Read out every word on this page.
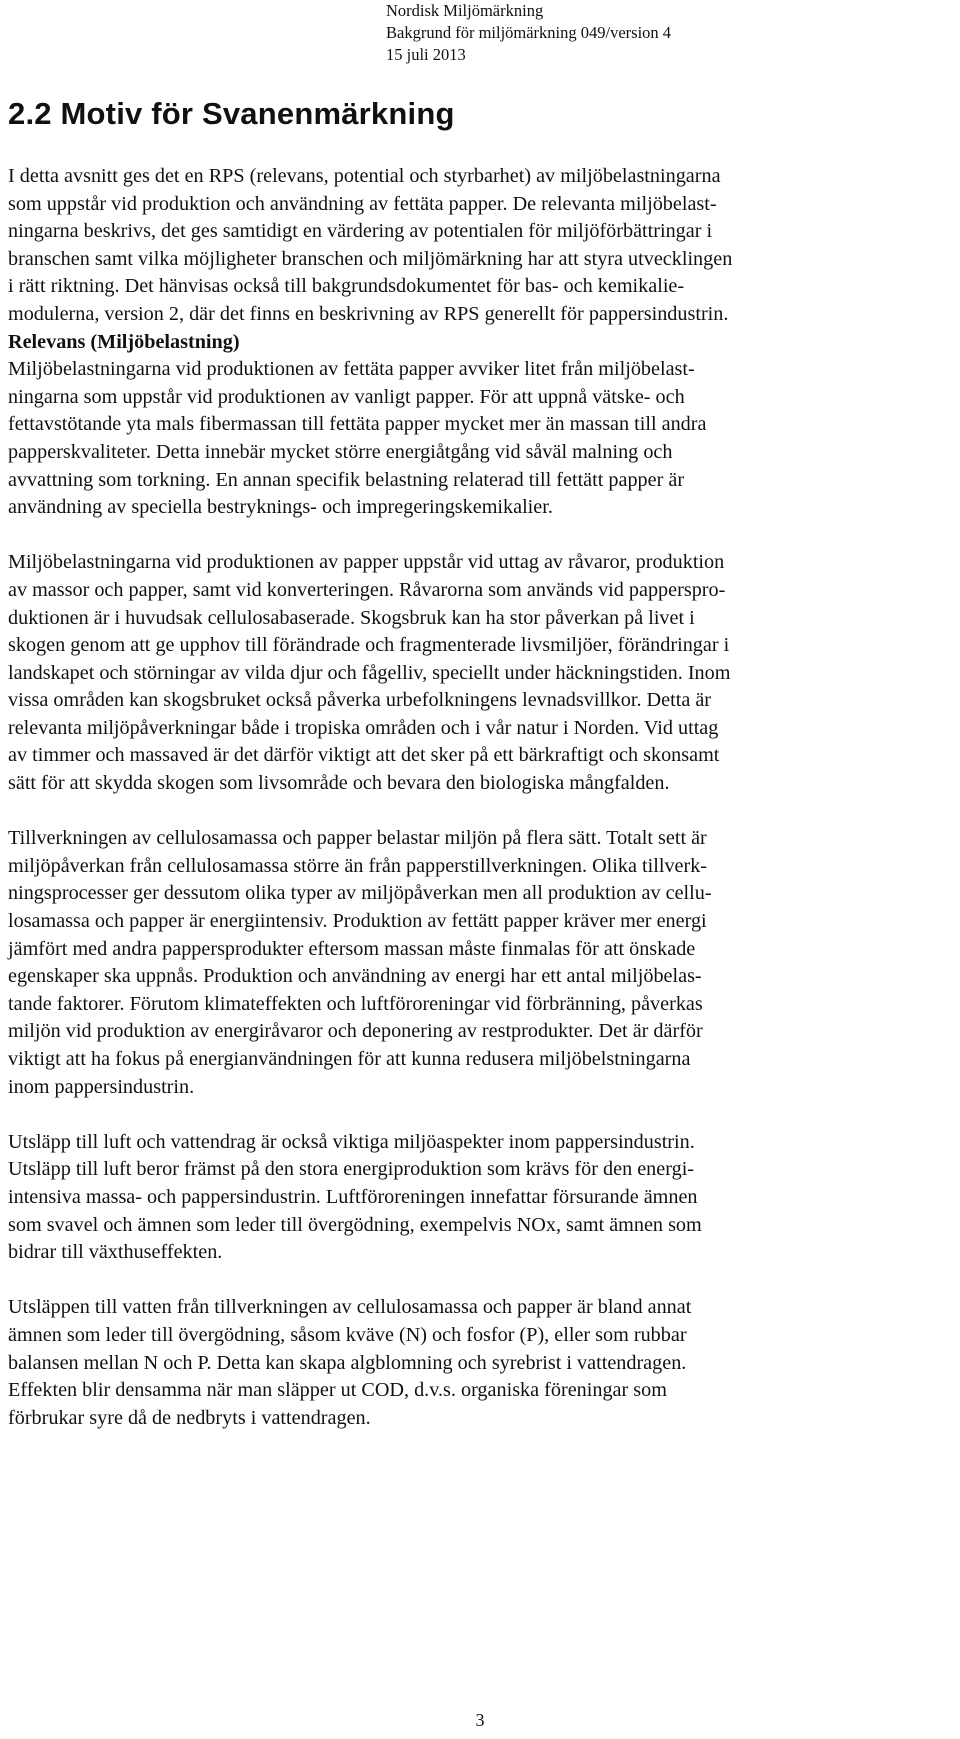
Nordisk Miljömärkning
Bakgrund för miljömärkning 049/version 4
15 juli 2013
2.2 Motiv för Svanenmärkning

I detta avsnitt ges det en RPS (relevans, potential och styrbarhet) av miljöbelastningarna
som uppstår vid produktion och användning av fettäta papper. De relevanta miljöbelast-
ningarna beskrivs, det ges samtidigt en värdering av potentialen för miljöförbättringar i
branschen samt vilka möjligheter branschen och miljömärkning har att styra utvecklingen
i rätt riktning. Det hänvisas också till bakgrundsdokumentet för bas- och kemikalie-
modulerna, version 2, där det finns en beskrivning av RPS generellt för pappersindustrin.

Relevans (Miljöbelastning)

Miljöbelastningarna vid produktionen av fettäta papper avviker litet från miljöbelast-
ningarna som uppstår vid produktionen av vanligt papper. För att uppnå vätske- och
fettavstötande yta mals fibermassan till fettäta papper mycket mer än massan till andra
papperskvaliteter. Detta innebär mycket större energiåtgång vid såväl malning och
avvattning som torkning. En annan specifik belastning relaterad till fettätt papper är
användning av speciella bestryknings- och impregeringskemikalier.

Miljöbelastningarna vid produktionen av papper uppstår vid uttag av råvaror, produktion
av massor och papper, samt vid konverteringen. Råvarorna som används vid papperspro-
duktionen är i huvudsak cellulosabaserade. Skogsbruk kan ha stor påverkan på livet i
skogen genom att ge upphov till förändrade och fragmenterade livsmiljöer, förändringar i
landskapet och störningar av vilda djur och fågelliv, speciellt under häckningstiden. Inom
vissa områden kan skogsbruket också påverka urbefolkningens levnadsvillkor. Detta är
relevanta miljöpåverkningar både i tropiska områden och i vår natur i Norden. Vid uttag
av timmer och massaved är det därför viktigt att det sker på ett bärkraftigt och skonsamt
sätt för att skydda skogen som livsområde och bevara den biologiska mångfalden.

Tillverkningen av cellulosamassa och papper belastar miljön på flera sätt. Totalt sett är
miljöpåverkan från cellulosamassa större än från papperstillverkningen. Olika tillverk-
ningsprocesser ger dessutom olika typer av miljöpåverkan men all produktion av cellu-
losamassa och papper är energiintensiv. Produktion av fettätt papper kräver mer energi
jämfört med andra pappersprodukter eftersom massan måste finmalas för att önskade
egenskaper ska uppnås. Produktion och användning av energi har ett antal miljöbelas-
tande faktorer. Förutom klimateffekten och luftföroreningar vid förbränning, påverkas
miljön vid produktion av energiråvaror och deponering av restprodukter. Det är därför
viktigt att ha fokus på energianvändningen för att kunna redusera miljöbelstningarna
inom pappersindustrin.

Utsläpp till luft och vattendrag är också viktiga miljöaspekter inom pappersindustrin.
Utsläpp till luft beror främst på den stora energiproduktion som krävs för den energi-
intensiva massa- och pappersindustrin. Luftföroreningen innefattar försurande ämnen
som svavel och ämnen som leder till övergödning, exempelvis NOx, samt ämnen som
bidrar till växthuseffekten.

Utsläppen till vatten från tillverkningen av cellulosamassa och papper är bland annat
ämnen som leder till övergödning, såsom kväve (N) och fosfor (P), eller som rubbar
balansen mellan N och P. Detta kan skapa algblomning och syrebrist i vattendragen.
Effekten blir densamma när man släpper ut COD, d.v.s. organiska föreningar som
förbrukar syre då de nedbryts i vattendragen.

3
